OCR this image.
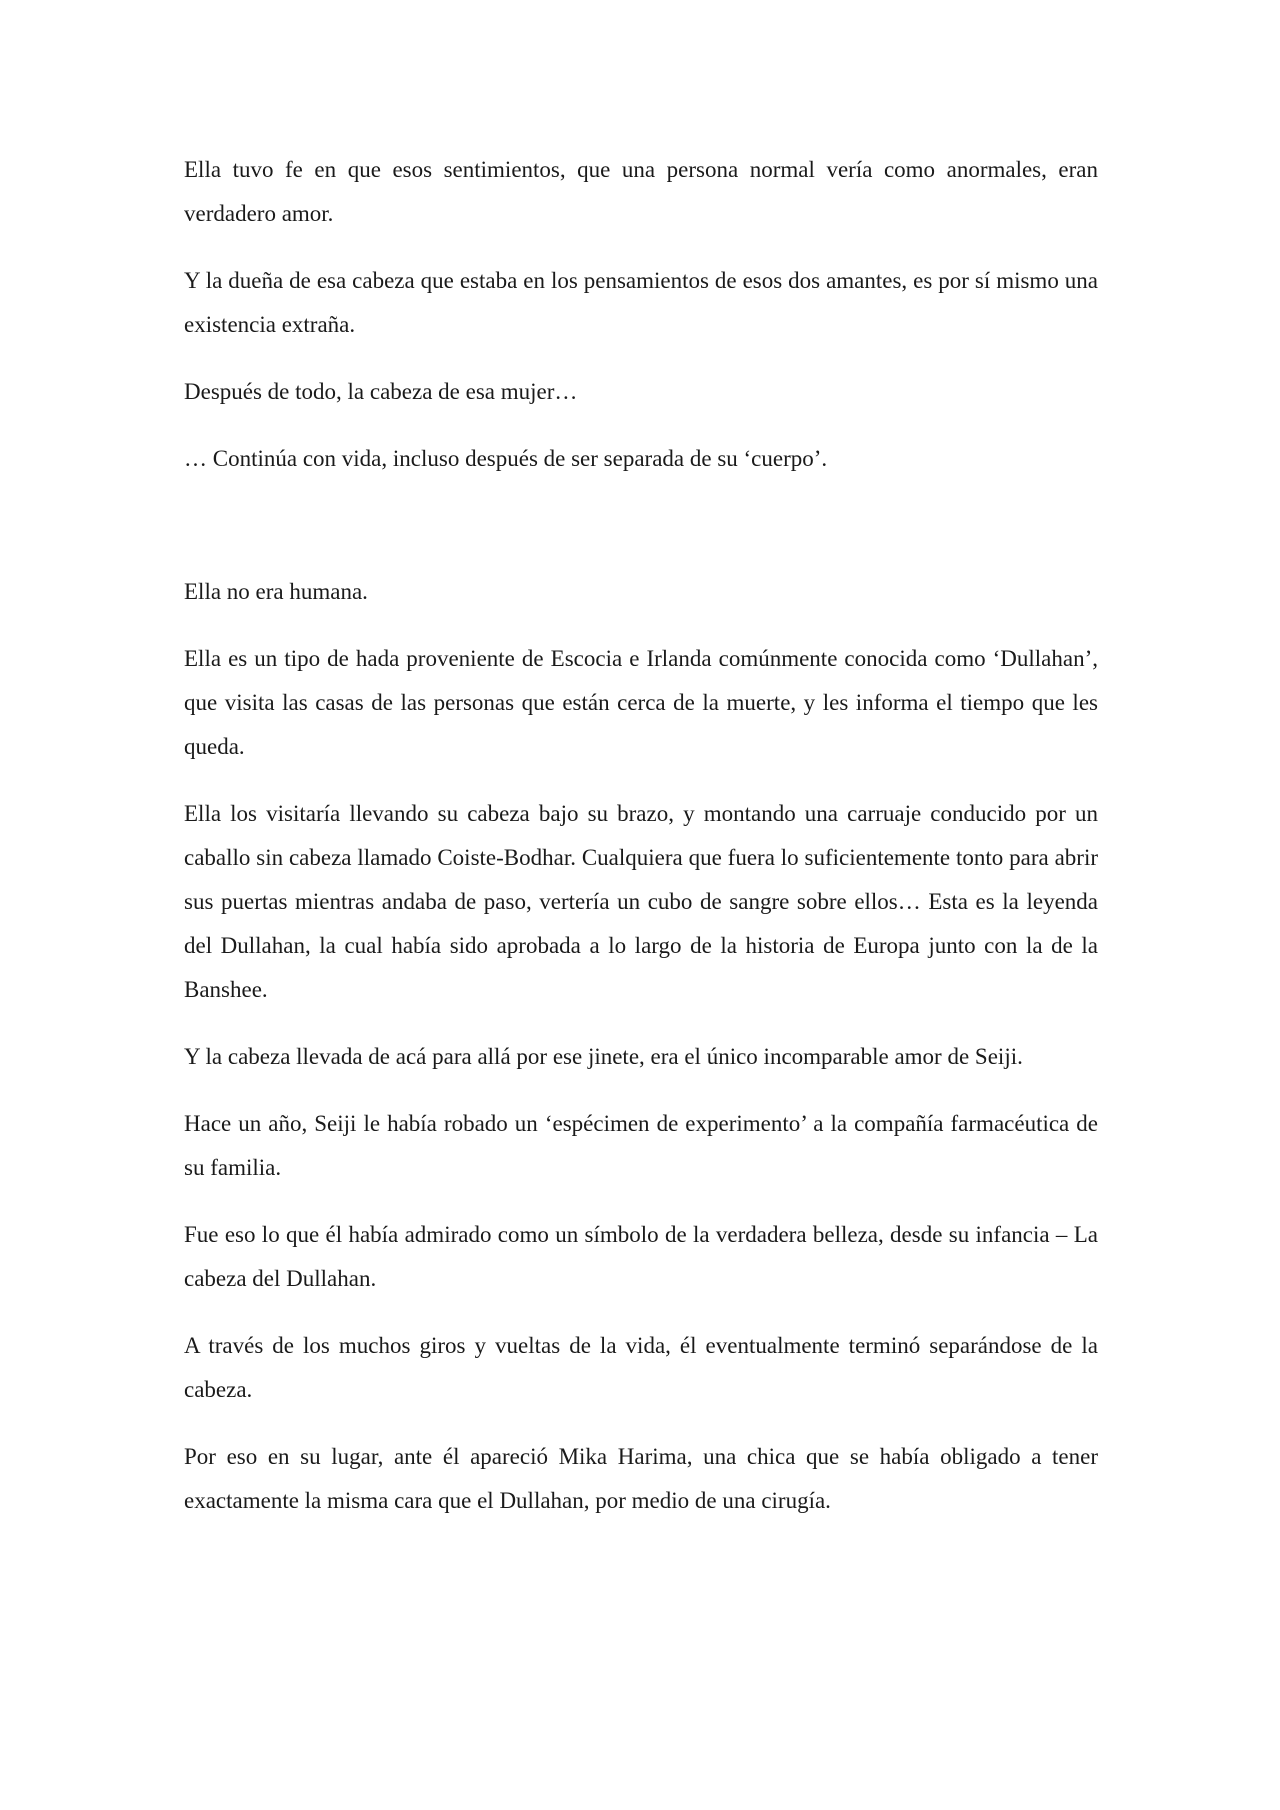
Ella tuvo fe en que esos sentimientos, que una persona normal vería como anormales, eran verdadero amor.

Y la dueña de esa cabeza que estaba en los pensamientos de esos dos amantes, es por sí mismo una existencia extraña.

Después de todo, la cabeza de esa mujer…

… Continúa con vida, incluso después de ser separada de su ‘cuerpo’.

Ella no era humana.

Ella es un tipo de hada proveniente de Escocia e Irlanda comúnmente conocida como ‘Dullahan’, que visita las casas de las personas que están cerca de la muerte, y les informa el tiempo que les queda.

Ella los visitaría llevando su cabeza bajo su brazo, y montando una carruaje conducido por un caballo sin cabeza llamado Coiste-Bodhar. Cualquiera que fuera lo suficientemente tonto para abrir sus puertas mientras andaba de paso, vertería un cubo de sangre sobre ellos… Esta es la leyenda del Dullahan, la cual había sido aprobada a lo largo de la historia de Europa junto con la de la Banshee.

Y la cabeza llevada de acá para allá por ese jinete, era el único incomparable amor de Seiji.

Hace un año, Seiji le había robado un ‘espécimen de experimento’ a la compañía farmacéutica de su familia.

Fue eso lo que él había admirado como un símbolo de la verdadera belleza, desde su infancia – La cabeza del Dullahan.

A través de los muchos giros y vueltas de la vida, él eventualmente terminó separándose de la cabeza.

Por eso en su lugar, ante él apareció Mika Harima, una chica que se había obligado a tener exactamente la misma cara que el Dullahan, por medio de una cirugía.
